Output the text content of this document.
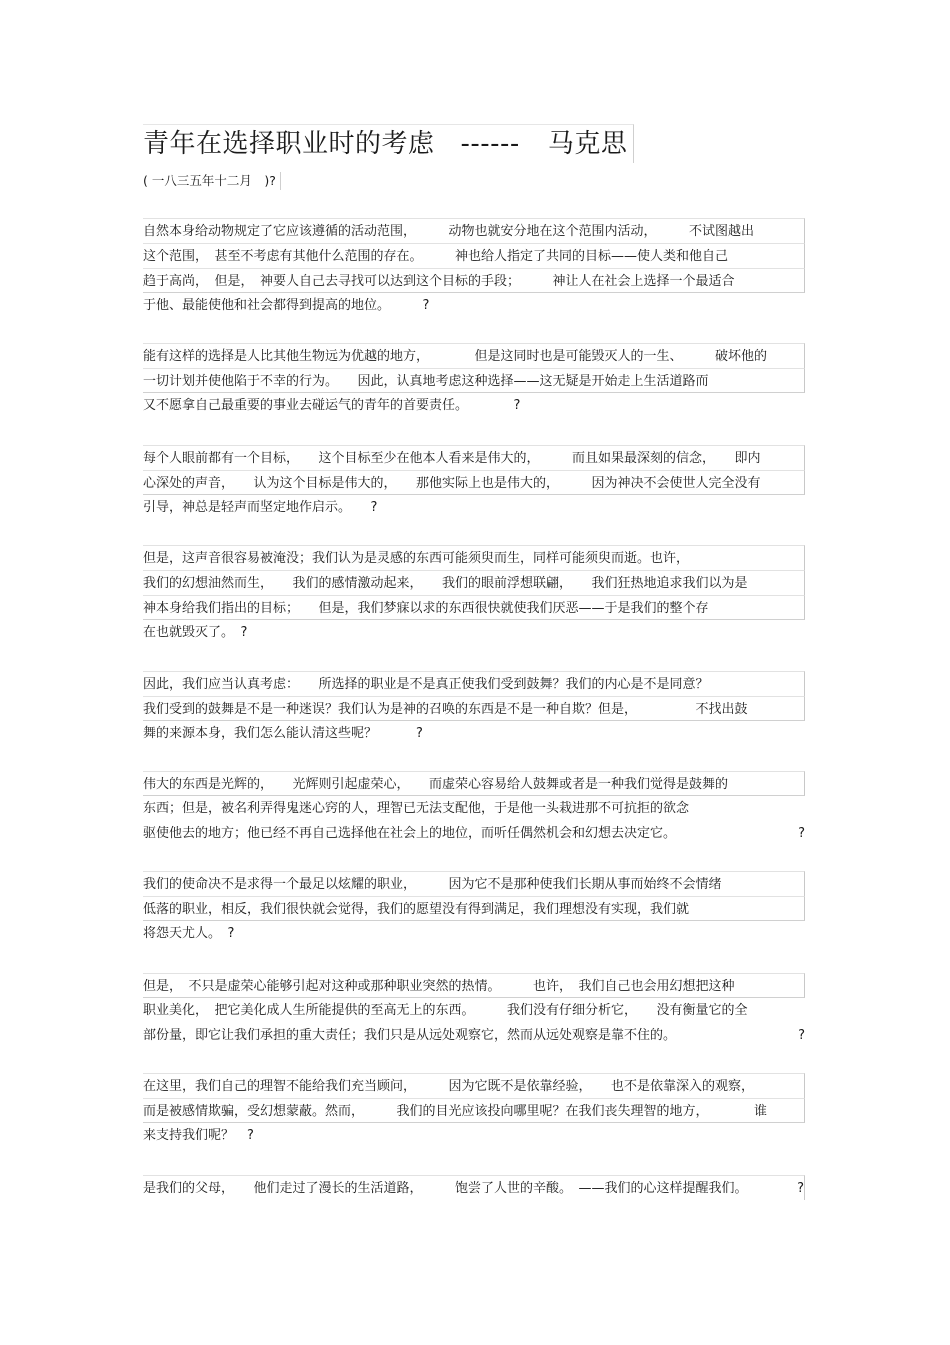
青年在选择职业时的考虑 ------ 马克思
( 一八三五年十二月　)?
自然本身给动物规定了它应该遵循的活动范围，　　　动物也就安分地在这个范围内活动，　　　不试图越出
这个范围，　甚至不考虑有其他什么范围的存在。　　　神也给人指定了共同的目标——使人类和他自己
趋于高尚，　但是，　神要人自己去寻找可以达到这个目标的手段；　　　神让人在社会上选择一个最适合
于他、最能使他和社会都得到提高的地位。　　　?
能有这样的选择是人比其他生物远为优越的地方，　　　　但是这同时也是可能毁灭人的一生、　　　破坏他的
一切计划并使他陷于不幸的行为。　　因此，认真地考虑这种选择——这无疑是开始走上生活道路而
又不愿拿自己最重要的事业去碰运气的青年的首要责任。　　　　?
每个人眼前都有一个目标，　　这个目标至少在他本人看来是伟大的，　　　而且如果最深刻的信念，　　即内
心深处的声音，　　认为这个目标是伟大的，　　那他实际上也是伟大的，　　　因为神决不会使世人完全没有
引导，神总是轻声而坚定地作启示。　　?
但是，这声音很容易被淹没；我们认为是灵感的东西可能须臾而生，同样可能须臾而逝。也许，
我们的幻想油然而生，　　我们的感情激动起来，　　我们的眼前浮想联翩，　　我们狂热地追求我们以为是
神本身给我们指出的目标；　　但是，我们梦寐以求的东西很快就使我们厌恶——于是我们的整个存
在也就毁灭了。　?
因此，我们应当认真考虑：　　所选择的职业是不是真正使我们受到鼓舞？我们的内心是不是同意？
我们受到的鼓舞是不是一种迷误？我们认为是神的召唤的东西是不是一种自欺？但是，　　　　　不找出鼓
舞的来源本身，我们怎么能认清这些呢？　　　?
伟大的东西是光辉的，　　光辉则引起虚荣心，　　而虚荣心容易给人鼓舞或者是一种我们觉得是鼓舞的
东西；但是，被名利弄得鬼迷心窍的人，理智已无法支配他，于是他一头栽进那不可抗拒的欲念
驱使他去的地方；他已经不再自己选择他在社会上的地位，而听任偶然机会和幻想去决定它。	?
我们的使命决不是求得一个最足以炫耀的职业，　　　因为它不是那种使我们长期从事而始终不会情绪
低落的职业，相反，我们很快就会觉得，我们的愿望没有得到满足，我们理想没有实现，我们就
将怨天尤人。　?
但是，　不只是虚荣心能够引起对这种或那种职业突然的热情。　　　也许，　我们自己也会用幻想把这种
职业美化，　把它美化成人生所能提供的至高无上的东西。　　　我们没有仔细分析它，　　没有衡量它的全
部份量，即它让我们承担的重大责任；我们只是从远处观察它，然而从远处观察是靠不住的。	?
在这里，我们自己的理智不能给我们充当顾问，　　　因为它既不是依靠经验，　　也不是依靠深入的观察，
而是被感情欺骗，受幻想蒙蔽。然而，　　　我们的目光应该投向哪里呢？在我们丧失理智的地方，　　　　谁
来支持我们呢？　?
是我们的父母，　　他们走过了漫长的生活道路，　　　饱尝了人世的辛酸。　——我们的心这样提醒我们。	?
